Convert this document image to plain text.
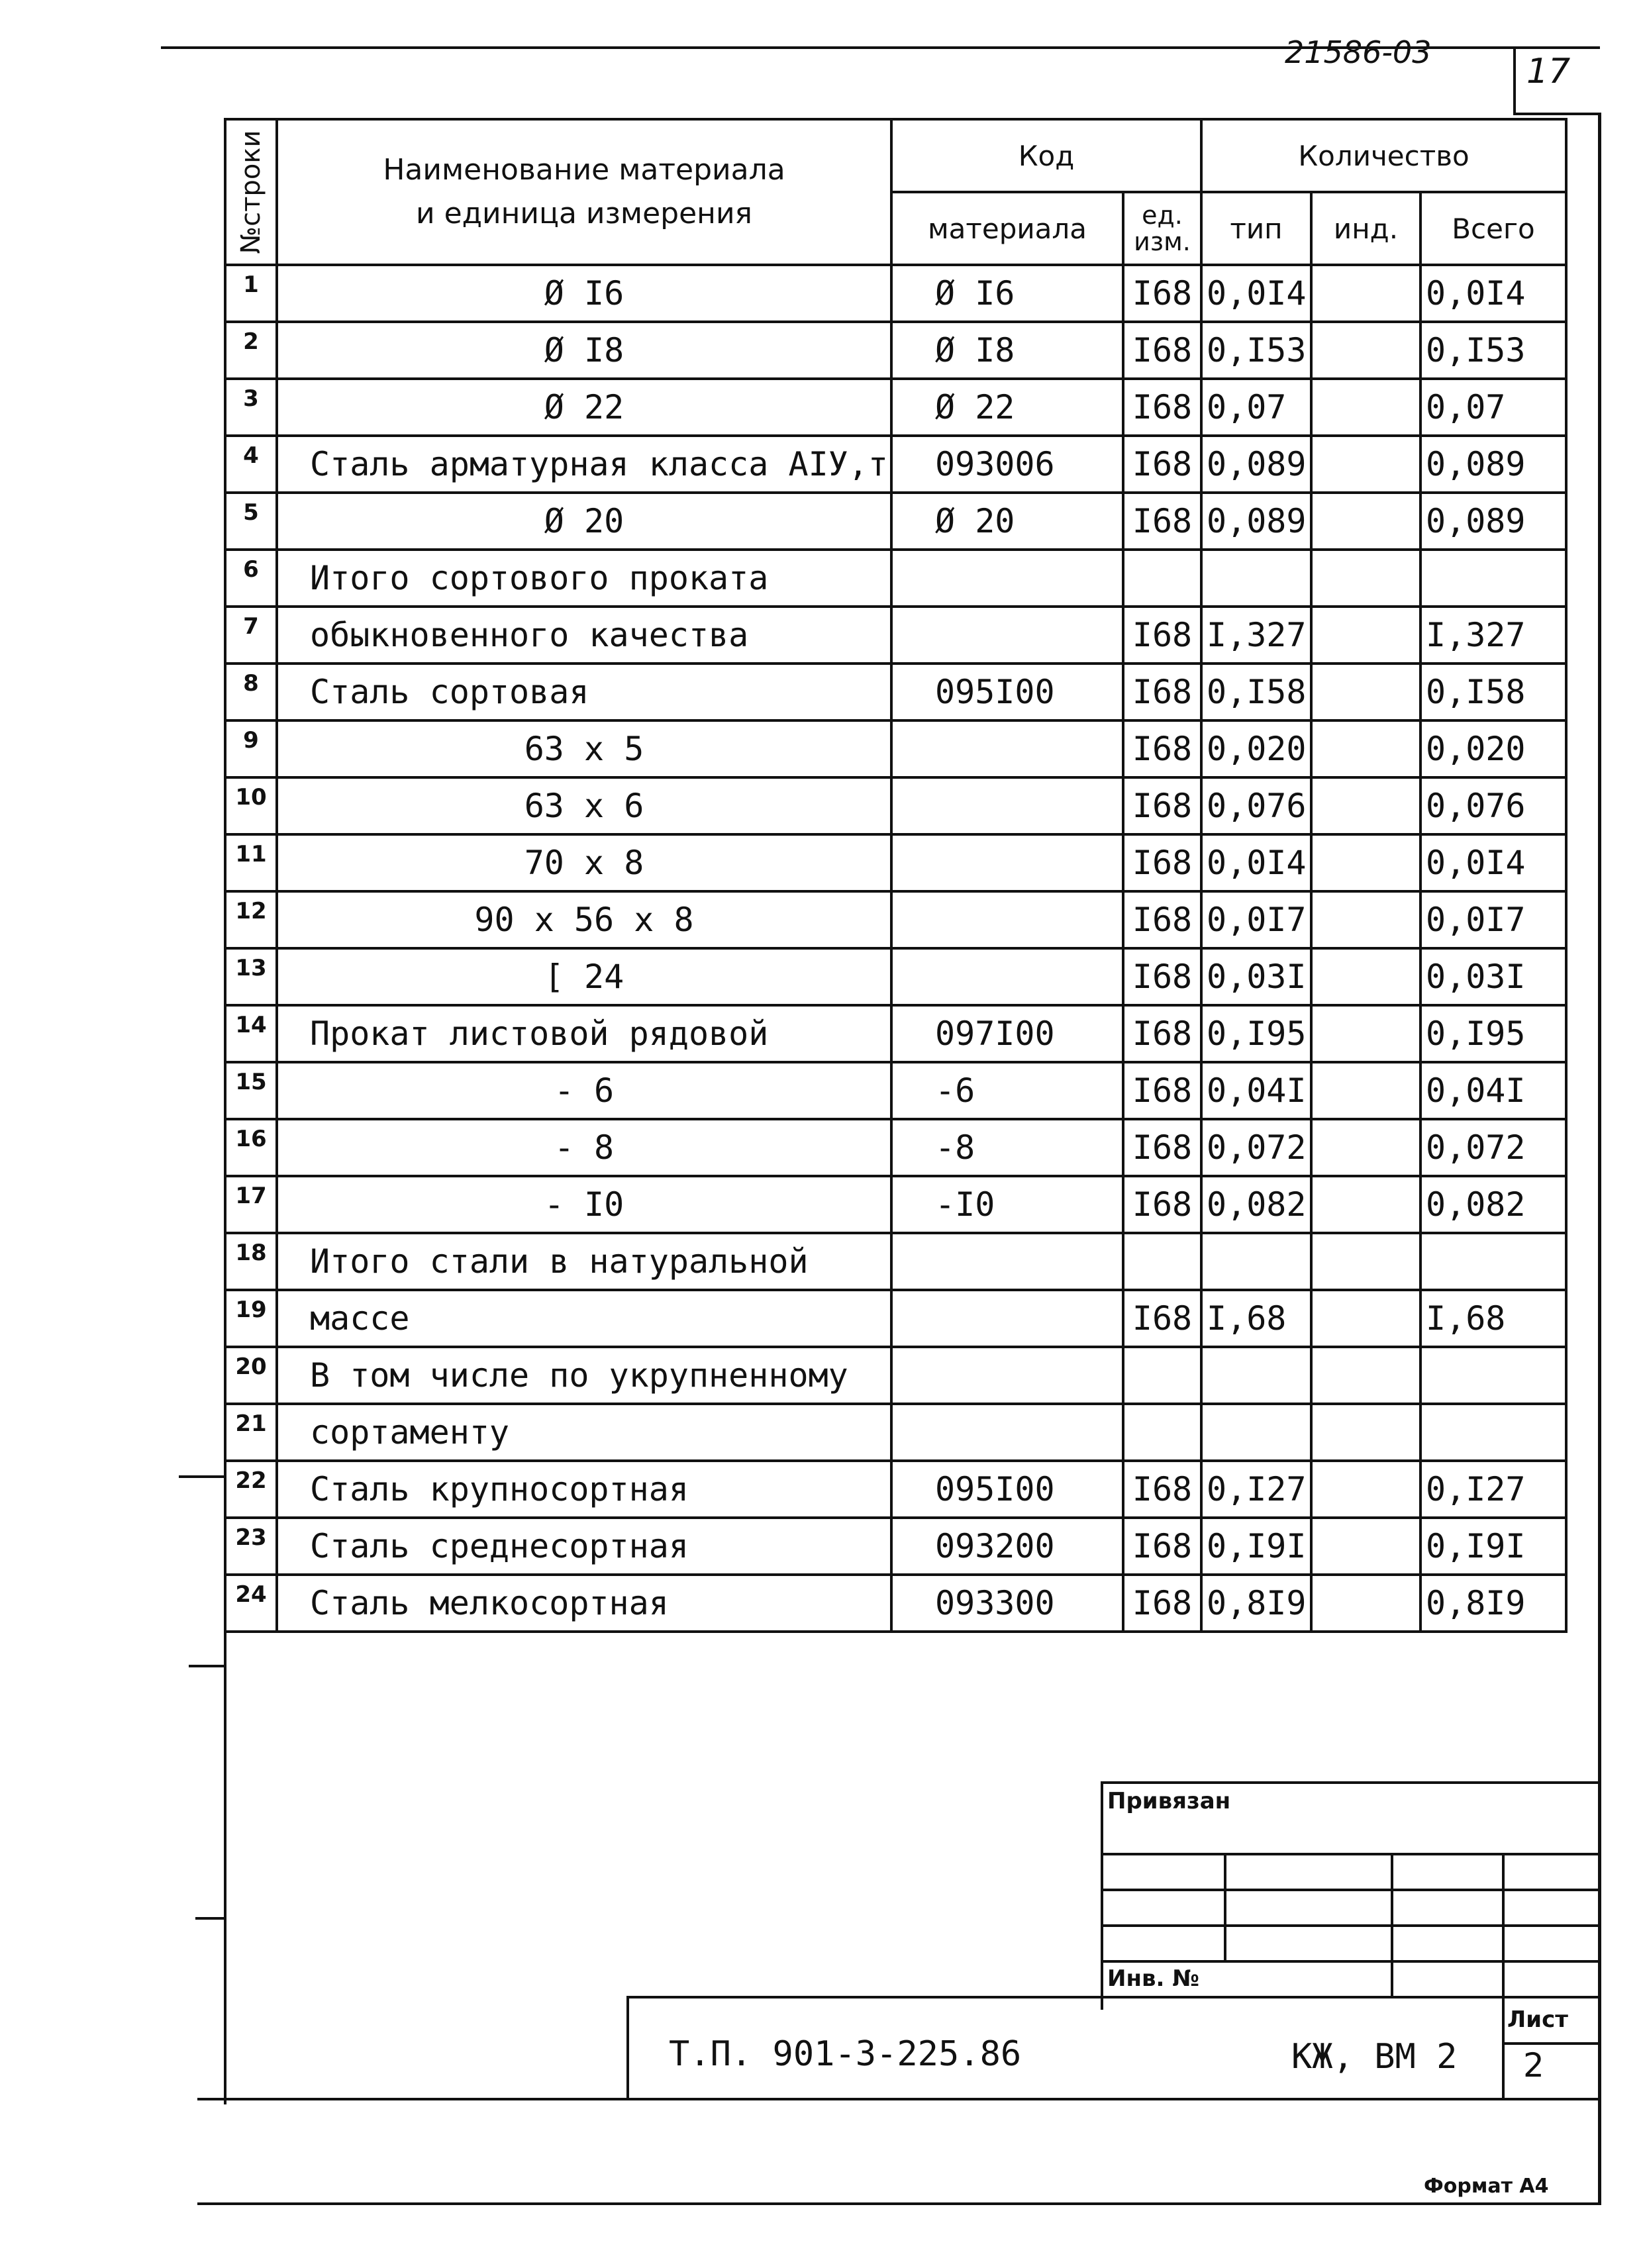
21586-03	17
№строки	Наименование материала
и единица измерения	Код		Количество		
		материала	ед. изм.	тип	инд.	Всего
1	Ø I6	Ø I6	I68	0,0I4		0,0I4
2	Ø I8	Ø I8	I68	0,I53		0,I53
3	Ø 22	Ø 22	I68	0,07		0,07
4	Сталь арматурная класса АIУ,т	093006	I68	0,089		0,089
5	Ø 20	Ø 20	I68	0,089		0,089
6	Итого сортового проката					
7	обыкновенного качества		I68	I,327		I,327
8	Сталь сортовая	095I00	I68	0,I58		0,I58
9	63 x 5		I68	0,020		0,020
10	63 x 6		I68	0,076		0,076
11	70 x 8		I68	0,0I4		0,0I4
12	90 x 56 x 8		I68	0,0I7		0,0I7
13	[ 24		I68	0,03I		0,03I
14	Прокат листовой рядовой	097I00	I68	0,I95		0,I95
15	- 6	-6	I68	0,04I		0,04I
16	- 8	-8	I68	0,072		0,072
17	- I0	-I0	I68	0,082		0,082
18	Итого стали в натуральной					
19	массе		I68	I,68		I,68
20	В том числе по укрупненному					
21	сортаменту					
22	Сталь крупносортная	095I00	I68	0,I27		0,I27
23	Сталь среднесортная	093200	I68	0,I9I		0,I9I
24	Сталь мелкосортная	093300	I68	0,8I9		0,8I9
Привязан
Инв. №
Т.П. 901-3-225.86	КЖ, ВМ 2
Лист
2
Формат А4
